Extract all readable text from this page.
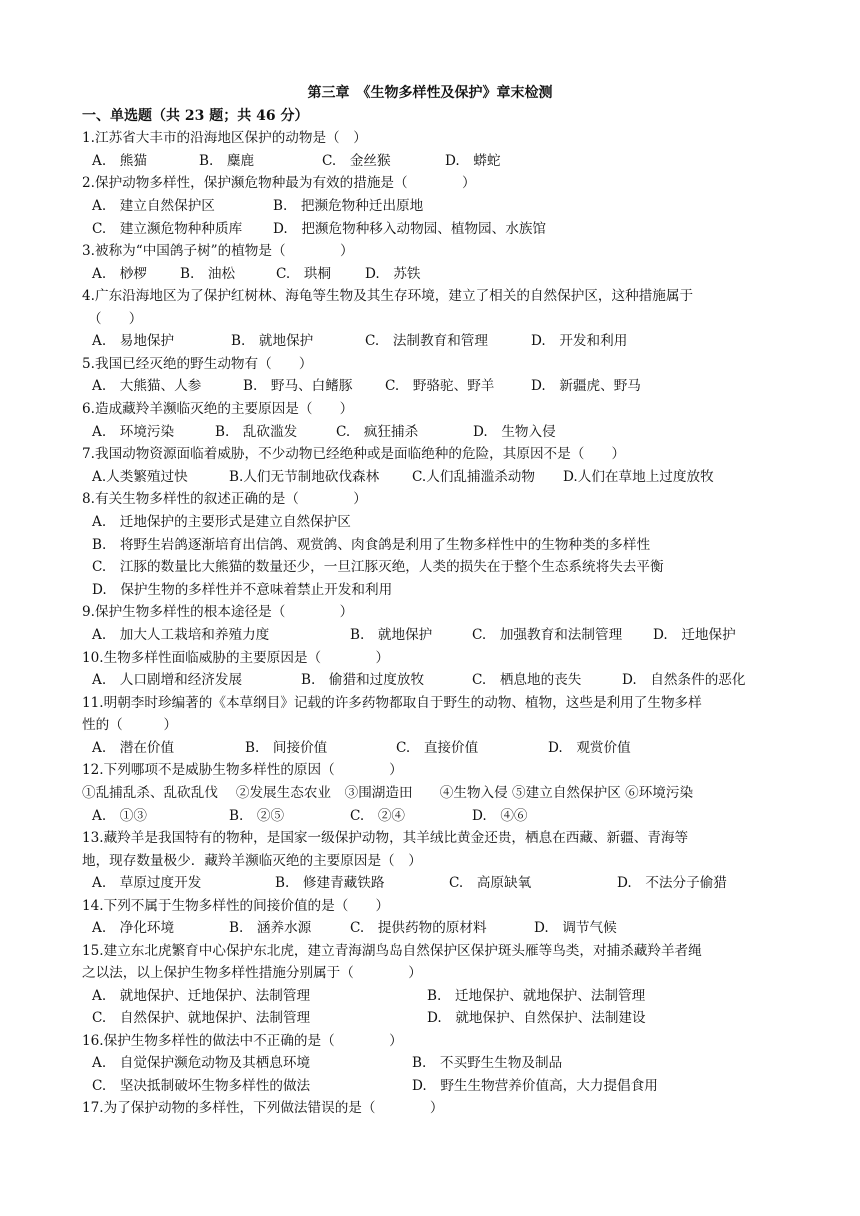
第三章　《生物多样性及保护》章末检测
一、单选题（共 23 题；共 46 分）
1.江苏省大丰市的沿海地区保护的动物是（　）
A.　熊猫	B.　麋鹿	C.　金丝猴	D.　蟒蛇
2.保护动物多样性，保护濒危物种最为有效的措施是（　　　　）
A.　建立自然保护区	B.　把濒危物种迁出原地
C.　建立濒危物种种质库 D.　把濒危物种移入动物园、植物园、水族馆
3.被称为“中国鸽子树”的植物是（　　　　）
A.　桫椤 B.　油松	C.　珙桐 D.　苏铁
4.广东沿海地区为了保护红树林、海龟等生物及其生存环境，建立了相关的自然保护区，这种措施属于
（　　）
A.　易地保护	B.　就地保护	C.　法制教育和管理	D.　开发和利用
5.我国已经灭绝的野生动物有（　　）
A.　大熊猫、人参	B.　野马、白鳍豚 C.　野骆驼、野羊	D.　新疆虎、野马
6.造成藏羚羊濒临灭绝的主要原因是（　　）
A.　环境污染	B.　乱砍滥发	C.　疯狂捕杀	D.　生物入侵
7.我国动物资源面临着威胁，不少动物已经绝种或是面临绝种的危险，其原因不是（　　）
A.人类繁殖过快	B.人们无节制地砍伐森林 C.人们乱捕滥杀动物 D.人们在草地上过度放牧
8.有关生物多样性的叙述正确的是（　　　　）
A.　迁地保护的主要形式是建立自然保护区
B.　将野生岩鸽逐渐培育出信鸽、观赏鸽、肉食鸽是利用了生物多样性中的生物种类的多样性
C.　江豚的数量比大熊猫的数量还少，一旦江豚灭绝，人类的损失在于整个生态系统将失去平衡
D.　保护生物的多样性并不意味着禁止开发和利用
9.保护生物多样性的根本途径是（　　　　）
A.　加大人工栽培和养殖力度	B.　就地保护	C.　加强教育和法制管理 D.　迁地保护
10.生物多样性面临威胁的主要原因是（　　　　）
A.　人口剧增和经济发展	B.　偷猎和过度放牧	C.　栖息地的丧失	D.　自然条件的恶化
11.明朝李时珍编著的《本草纲目》记载的许多药物都取自于野生的动物、植物，这些是利用了生物多样
性的（　　　）
A.　潜在价值	B.　间接价值	C.　直接价值	D.　观赏价值
12.下列哪项不是威胁生物多样性的原因（　　　　）
①乱捕乱杀、乱砍乱伐　 ②发展生态农业　③围湖造田　　④生物入侵 ⑤建立自然保护区 ⑥环境污染
A.　①③	B.　②⑤	C.　②④	D.　④⑥
13.藏羚羊是我国特有的物种，是国家一级保护动物，其羊绒比黄金还贵，栖息在西藏、新疆、青海等
地，现存数量极少．藏羚羊濒临灭绝的主要原因是（　）
A.　草原过度开发	B.　修建青藏铁路	C.　高原缺氧	D.　不法分子偷猎
14.下列不属于生物多样性的间接价值的是（　　）
A.　净化环境	B.　涵养水源	C.　提供药物的原材料	D.　调节气候
15.建立东北虎繁育中心保护东北虎，建立青海湖鸟岛自然保护区保护斑头雁等鸟类，对捕杀藏羚羊者绳
之以法，以上保护生物多样性措施分别属于（　　　　）
A.　就地保护、迁地保护、法制管理	B.　迁地保护、就地保护、法制管理
C.　自然保护、就地保护、法制管理	D.　就地保护、自然保护、法制建设
16.保护生物多样性的做法中不正确的是（　　　　）
A.　自觉保护濒危动物及其栖息环境	B.　不买野生生物及制品
C.　坚决抵制破坏生物多样性的做法	D.　野生生物营养价值高，大力提倡食用
17.为了保护动物的多样性，下列做法错误的是（　　　　）
